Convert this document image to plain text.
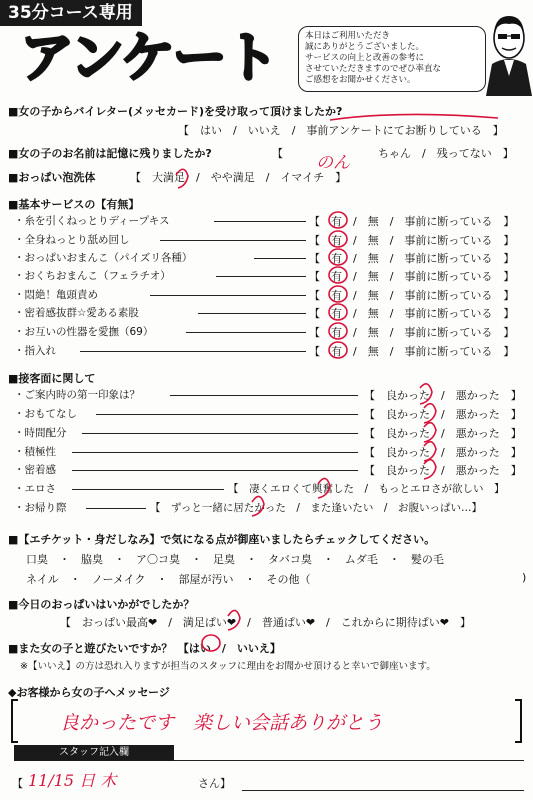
35分コース専用
アンケート	本日はご利用いただき
誠にありがとうございました。
サービスの向上と改善の参考に
させていただきますのでぜひ率直な
ご感想をお聞かせください。
■女の子からバイレター(メッセカード)を受け取って頂けましたか?
【　はい　/　いいえ　/　事前アンケートにてお断りしている　】
■女の子のお名前は記憶に残りましたか?	【	ちゃん　/　残ってない　】
のん
■おっぱい泡洗体	【　大満足　/　やや満足　/　イマイチ　】
■基本サービスの【有無】
・糸を引くねっとりディープキス	【　有　/　無　/　事前に断っている　】
・全身ねっとり舐め回し	【　有　/　無　/　事前に断っている　】
・おっぱいおまんこ（パイズリ各種）	【　有　/　無　/　事前に断っている　】
・おくちおまんこ（フェラチオ）	【　有　/　無　/　事前に断っている　】
・悶絶！亀頭責め	【　有　/　無　/　事前に断っている　】
・密着感抜群☆愛ある素股	【　有　/　無　/　事前に断っている　】
・お互いの性器を愛撫（69）	【　有　/　無　/　事前に断っている　】
・指入れ	【　有　/　無　/　事前に断っている　】
■接客面に関して
・ご案内時の第一印象は？	【　良かった　/　悪かった　】
・おもてなし	【　良かった　/　悪かった　】
・時間配分	【　良かった　/　悪かった　】
・積極性	【　良かった　/　悪かった　】
・密着感	【　良かった　/　悪かった　】
・エロさ	【　凄くエロくて興奮した　/　もっとエロさが欲しい　】
・お帰り際	【　ずっと一緒に居たかった　/　また逢いたい　/　お腹いっぱい…】
■【エチケット・身だしなみ】で気になる点が御座いましたらチェックしてください。
口臭　・　脇臭　・　ア〇コ臭　・　足臭　・　タバコ臭　・　ムダ毛　・　髪の毛
ネイル　・　ノーメイク　・　部屋が汚い　・　その他（	)
■今日のおっぱいはいかがでしたか？
【　おっぱい最高❤　/　満足ぱい❤　/　普通ぱい❤　/　これからに期待ぱい❤　】
■また女の子と遊びたいですか？　【はい　/　いいえ】
※【いいえ】の方は恐れ入りますが担当のスタッフに理由をお聞かせ頂けると幸いで御座います。
◆お客様から女の子へメッセージ
良かったです　楽しい会話ありがとう
スタッフ記入欄
【 11/15 日 木	さん】
